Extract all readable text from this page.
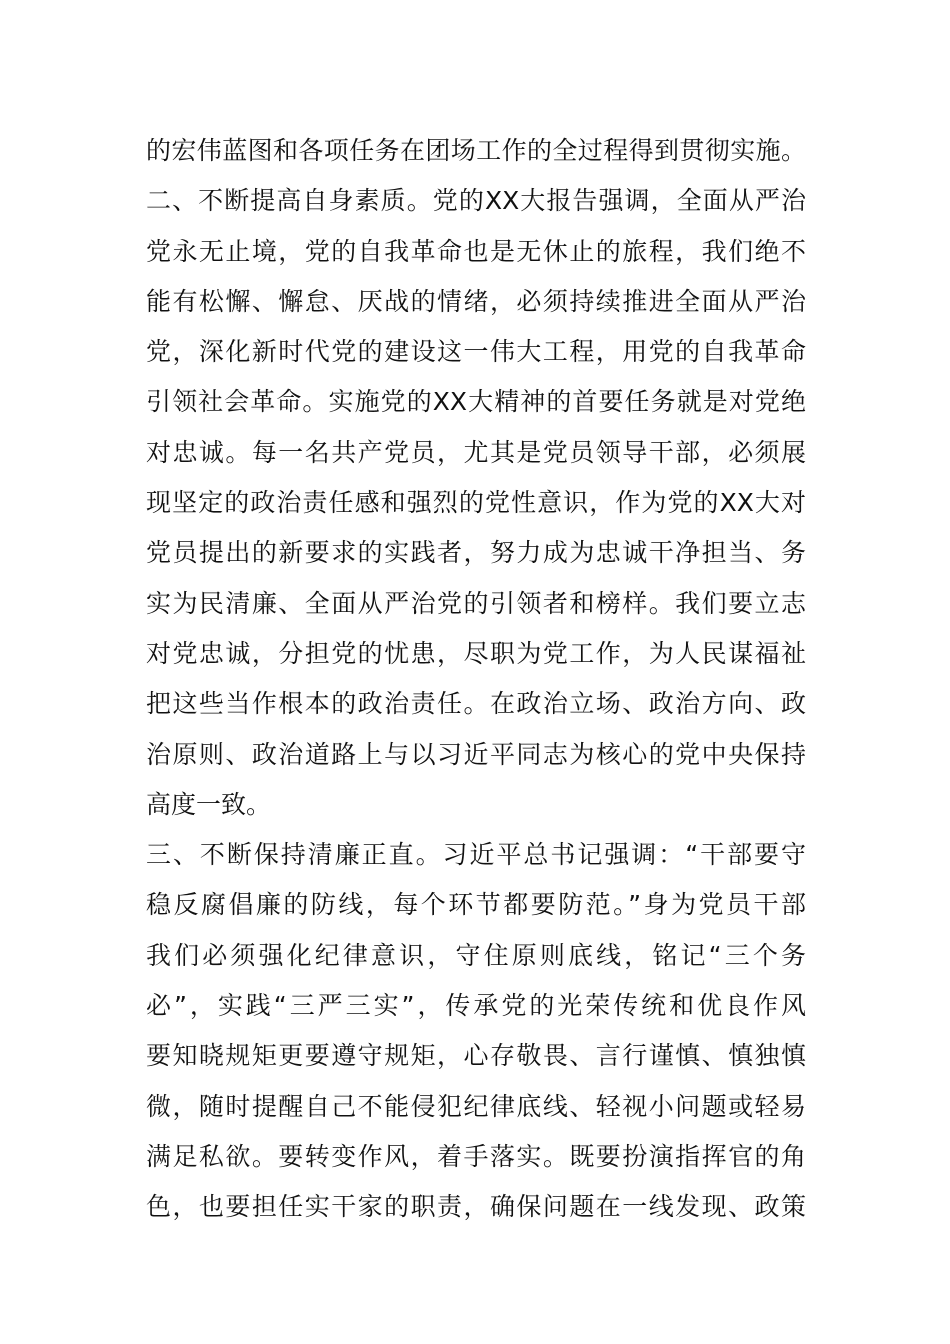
的宏伟蓝图和各项任务在团场工作的全过程得到贯彻实施。
二、不断提高自身素质。党的XX大报告强调，全面从严治
党永无止境，党的自我革命也是无休止的旅程，我们绝不
能有松懈、懈怠、厌战的情绪，必须持续推进全面从严治
党，深化新时代党的建设这一伟大工程，用党的自我革命
引领社会革命。实施党的XX大精神的首要任务就是对党绝
对忠诚。每一名共产党员，尤其是党员领导干部，必须展
现坚定的政治责任感和强烈的党性意识，作为党的XX大对
党员提出的新要求的实践者，努力成为忠诚干净担当、务
实为民清廉、全面从严治党的引领者和榜样。我们要立志
对党忠诚，分担党的忧患，尽职为党工作，为人民谋福祉
把这些当作根本的政治责任。在政治立场、政治方向、政
治原则、政治道路上与以习近平同志为核心的党中央保持
高度一致。
三、不断保持清廉正直。习近平总书记强调：“干部要守
稳反腐倡廉的防线，每个环节都要防范。”身为党员干部
我们必须强化纪律意识，守住原则底线，铭记“三个务
必”，实践“三严三实”，传承党的光荣传统和优良作风
要知晓规矩更要遵守规矩，心存敬畏、言行谨慎、慎独慎
微，随时提醒自己不能侵犯纪律底线、轻视小问题或轻易
满足私欲。要转变作风，着手落实。既要扮演指挥官的角
色，也要担任实干家的职责，确保问题在一线发现、政策
